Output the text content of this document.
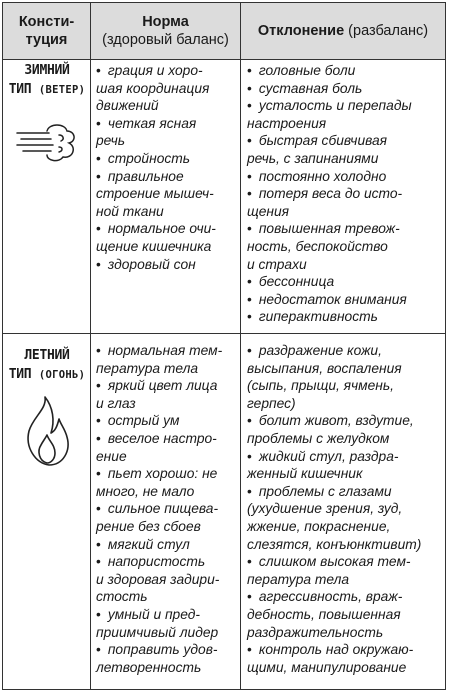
Консти-
туция
Норма
(здоровый баланс)
Отклонение (разбаланс)
ЗИМНИЙ
ТИП (ВЕТЕР)
• грация и хоро-
шая координация
движений
• четкая ясная
речь
• стройность
• правильное
строение мышеч-
ной ткани
• нормальное очи-
щение кишечника
• здоровый сон
• головные боли
• суставная боль
• усталость и перепады
настроения
• быстрая сбивчивая
речь, с запинаниями
• постоянно холодно
• потеря веса до исто-
щения
• повышенная тревож-
ность, беспокойство
и страхи
• бессонница
• недостаток внимания
• гиперактивность
ЛЕТНИЙ
ТИП (ОГОНЬ)
• нормальная тем-
пература тела
• яркий цвет лица
и глаз
• острый ум
• веселое настро-
ение
• пьет хорошо: не
много, не мало
• сильное пищева-
рение без сбоев
• мягкий стул
• напористость
и здоровая задири-
стость
• умный и пред-
приимчивый лидер
• поправить удов-
летворенность
• раздражение кожи,
высыпания, воспаления
(сыпь, прыщи, ячмень,
герпес)
• болит живот, вздутие,
проблемы с желудком
• жидкий стул, раздра-
женный кишечник
• проблемы с глазами
(ухудшение зрения, зуд,
жжение, покраснение,
слезятся, конъюнктивит)
• слишком высокая тем-
пература тела
• агрессивность, враж-
дебность, повышенная
раздражительность
• контроль над окружаю-
щими, манипулирование
